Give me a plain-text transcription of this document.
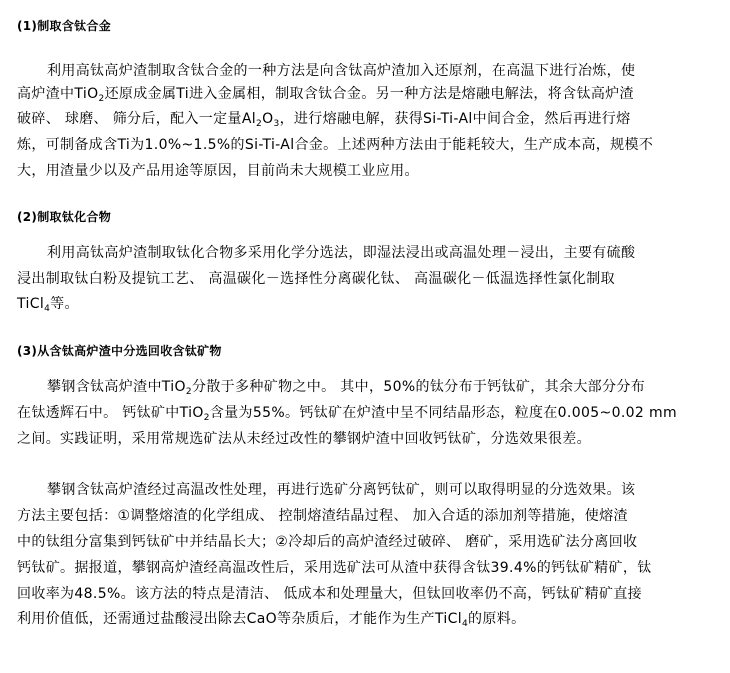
(1)制取含钛合金
利用高钛高炉渣制取含钛合金的一种方法是向含钛高炉渣加入还原剂，在高温下进行冶炼，使
高炉渣中TiO$_2$还原成金属Ti进入金属相，制取含钛合金。另一种方法是熔融电解法，将含钛高炉渣
破碎、 球磨、 筛分后，配入一定量$Al_2O_3$，进行熔融电解，获得Si-Ti-Al中间合金，然后再进行熔
炼，可制备成含Ti为1.0%~1.5%的Si-Ti-Al合金。上述两种方法由于能耗较大，生产成本高，规模不
大，用渣量少以及产品用途等原因，目前尚未大规模工业应用。
(2)制取钛化合物
利用高钛高炉渣制取钛化合物多采用化学分选法，即湿法浸出或高温处理－浸出，主要有硫酸
浸出制取钛白粉及提钪工艺、 高温碳化－选择性分离碳化钛、 高温碳化－低温选择性氯化制取
TiCl$_4$等。
(3)从含钛高炉渣中分选回收含钛矿物
攀钢含钛高炉渣中TiO$_2$分散于多种矿物之中。 其中，50%的钛分布于钙钛矿，其余大部分分布
在钛透辉石中。 钙钛矿中TiO$_2$含量为55%。钙钛矿在炉渣中呈不同结晶形态，粒度在0.005~0.02 mm
之间。实践证明，采用常规选矿法从未经过改性的攀钢炉渣中回收钙钛矿，分选效果很差。
攀钢含钛高炉渣经过高温改性处理，再进行选矿分离钙钛矿，则可以取得明显的分选效果。该
方法主要包括：①调整熔渣的化学组成、 控制熔渣结晶过程、 加入合适的添加剂等措施，使熔渣
中的钛组分富集到钙钛矿中并结晶长大；②冷却后的高炉渣经过破碎、 磨矿，采用选矿法分离回收
钙钛矿。据报道，攀钢高炉渣经高温改性后，采用选矿法可从渣中获得含钛39.4%的钙钛矿精矿，钛
回收率为48.5%。该方法的特点是清洁、 低成本和处理量大，但钛回收率仍不高，钙钛矿精矿直接
利用价值低，还需通过盐酸浸出除去CaO等杂质后，才能作为生产TiCl$_4$的原料。
